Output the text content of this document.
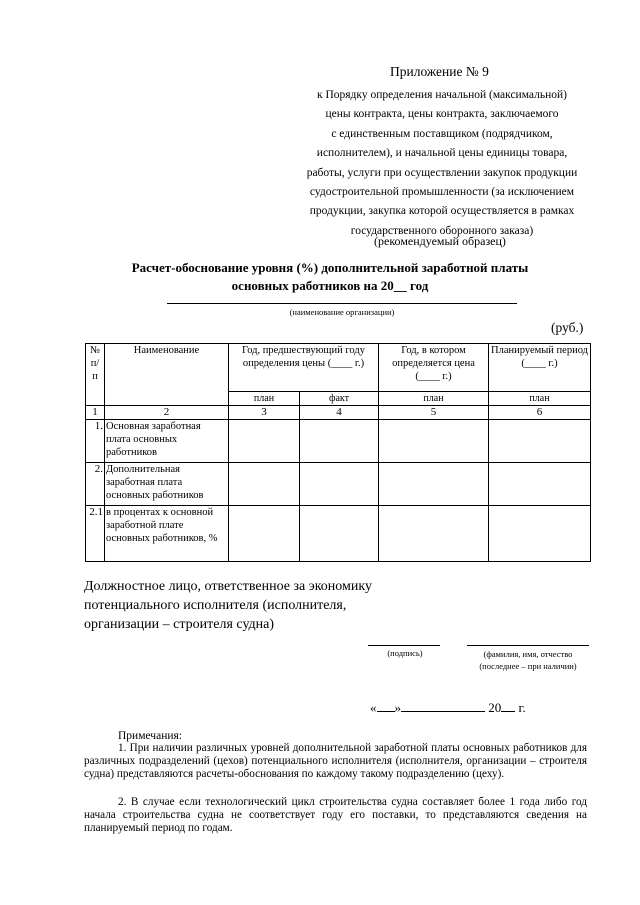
Приложение № 9
к Порядку определения начальной (максимальной)
цены контракта, цены контракта, заключаемого
с единственным поставщиком (подрядчиком,
исполнителем), и начальной цены единицы товара,
работы, услуги при осуществлении закупок продукции
судостроительной промышленности (за исключением
продукции, закупка которой осуществляется в рамках
государственного оборонного заказа)
(рекомендуемый образец)
Расчет-обоснование уровня (%) дополнительной заработной платы
основных работников на 20__ год
(наименование организации)
(руб.)
№ п/п	Наименование	Год, предшествующий году определения цены (____ г.)		Год, в котором определяется цена (____ г.)	Планируемый период (____ г.)
		план	факт	план	план
1	2	3	4	5	6
1.	Основная заработная плата основных работников				
2.	Дополнительная заработная плата основных работников				
2.1	в процентах к основной заработной плате основных работников, %				
Должностное лицо, ответственное за экономику потенциального исполнителя (исполнителя, организации – строителя судна)
(подпись)	(фамилия, имя, отчество
(последнее – при наличии)
« »	20 г.
Примечания:
1. При наличии различных уровней дополнительной заработной платы основных работников для различных подразделений (цехов) потенциального исполнителя (исполнителя, организации – строителя судна) представляются расчеты-обоснования по каждому такому подразделению (цеху).
2. В случае если технологический цикл строительства судна составляет более 1 года либо год начала строительства судна не соответствует году его поставки, то представляются сведения на планируемый период по годам.
